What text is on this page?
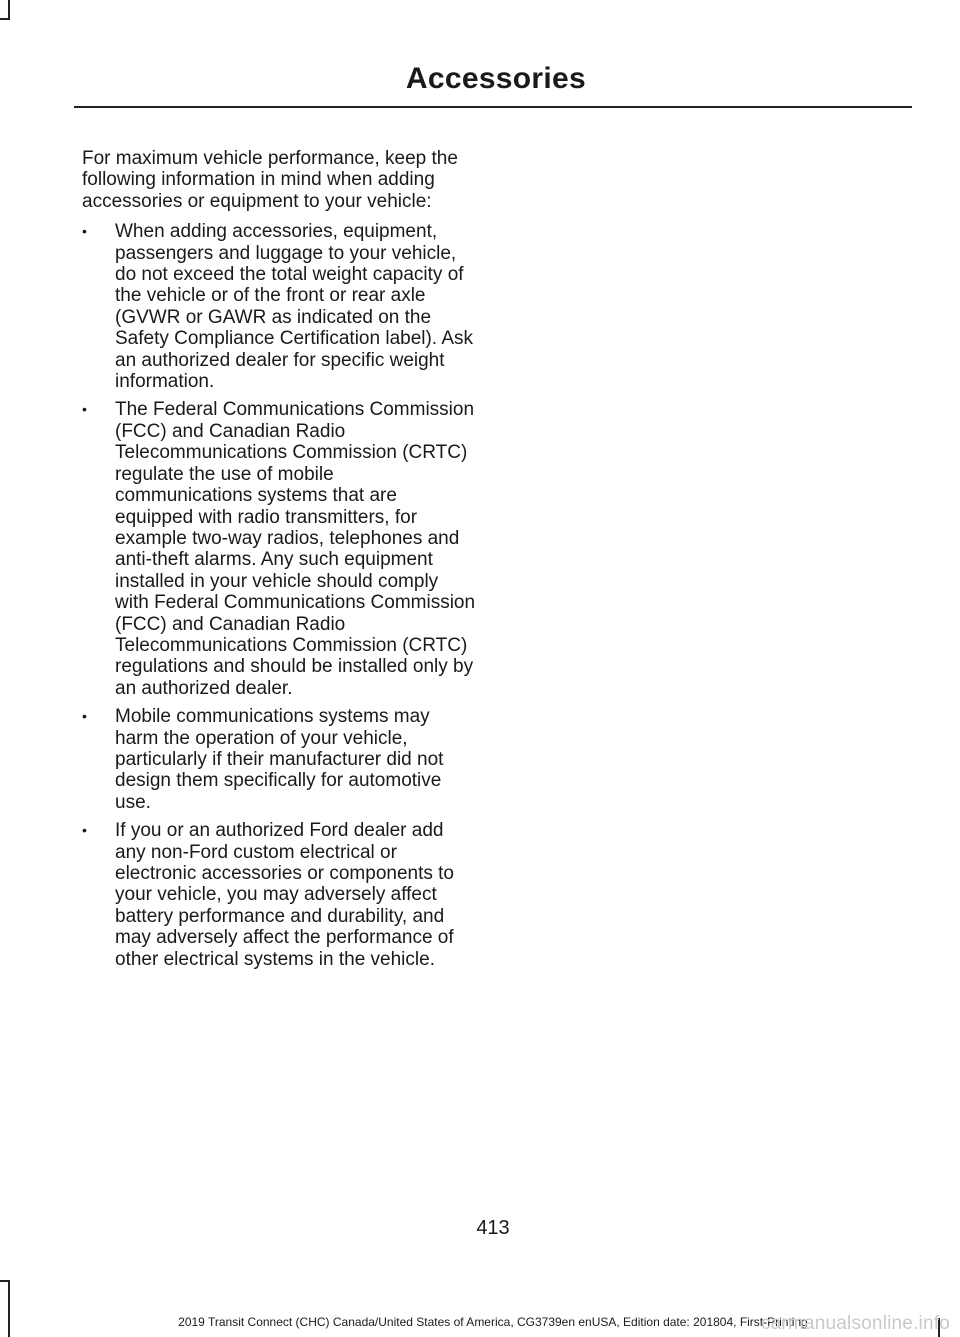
Accessories

For maximum vehicle performance, keep the following information in mind when adding accessories or equipment to your vehicle:

•	When adding accessories, equipment, passengers and luggage to your vehicle, do not exceed the total weight capacity of the vehicle or of the front or rear axle (GVWR or GAWR as indicated on the Safety Compliance Certification label). Ask an authorized dealer for specific weight information.
•	The Federal Communications Commission (FCC) and Canadian Radio Telecommunications Commission (CRTC) regulate the use of mobile communications systems that are equipped with radio transmitters, for example two-way radios, telephones and anti-theft alarms. Any such equipment installed in your vehicle should comply with Federal Communications Commission (FCC) and Canadian Radio Telecommunications Commission (CRTC) regulations and should be installed only by an authorized dealer.
•	Mobile communications systems may harm the operation of your vehicle, particularly if their manufacturer did not design them specifically for automotive use.
•	If you or an authorized Ford dealer add any non-Ford custom electrical or electronic accessories or components to your vehicle, you may adversely affect battery performance and durability, and may adversely affect the performance of other electrical systems in the vehicle.
413
2019 Transit Connect (CHC) Canada/United States of America, CG3739en enUSA, Edition date: 201804, First-Printing
carmanualsonline.info
